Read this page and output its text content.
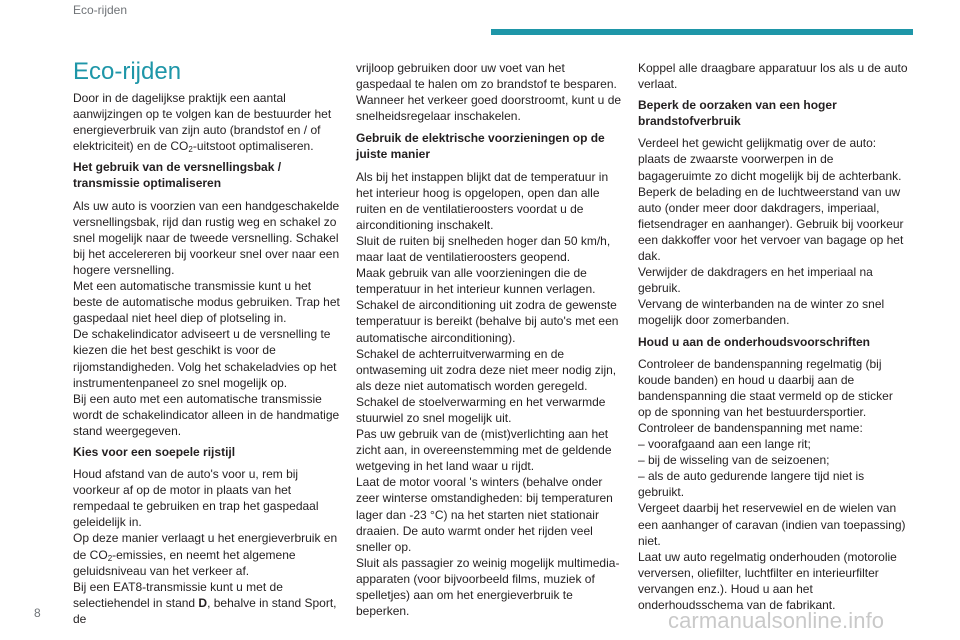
Eco-rijden
Eco-rijden

Door in de dagelijkse praktijk een aantal aanwijzingen op te volgen kan de bestuurder het energieverbruik van zijn auto (brandstof en / of elektriciteit) en de $CO_2$-uitstoot optimaliseren.

Het gebruik van de versnellingsbak / transmissie optimaliseren

Als uw auto is voorzien van een handgeschakelde versnellingsbak, rijd dan rustig weg en schakel zo snel mogelijk naar de tweede versnelling. Schakel bij het accelereren bij voorkeur snel over naar een hogere versnelling.
Met een automatische transmissie kunt u het beste de automatische modus gebruiken. Trap het gaspedaal niet heel diep of plotseling in.
De schakelindicator adviseert u de versnelling te kiezen die het best geschikt is voor de rijomstandigheden. Volg het schakeladvies op het instrumentenpaneel zo snel mogelijk op.
Bij een auto met een automatische transmissie wordt de schakelindicator alleen in de handmatige stand weergegeven.

Kies voor een soepele rijstijl

Houd afstand van de auto's voor u, rem bij voorkeur af op de motor in plaats van het rempedaal te gebruiken en trap het gaspedaal geleidelijk in.
Op deze manier verlaagt u het energieverbruik en de $CO_2$-emissies, en neemt het algemene geluidsniveau van het verkeer af.
Bij een EAT8-transmissie kunt u met de selectiehendel in stand D, behalve in stand Sport, de

vrijloop gebruiken door uw voet van het gaspedaal te halen om zo brandstof te besparen.
Wanneer het verkeer goed doorstroomt, kunt u de snelheidsregelaar inschakelen.

Gebruik de elektrische voorzieningen op de juiste manier

Als bij het instappen blijkt dat de temperatuur in het interieur hoog is opgelopen, open dan alle ruiten en de ventilatieroosters voordat u de airconditioning inschakelt.
Sluit de ruiten bij snelheden hoger dan 50 km/h, maar laat de ventilatieroosters geopend.
Maak gebruik van alle voorzieningen die de temperatuur in het interieur kunnen verlagen.
Schakel de airconditioning uit zodra de gewenste temperatuur is bereikt (behalve bij auto's met een automatische airconditioning).
Schakel de achterruitverwarming en de ontwaseming uit zodra deze niet meer nodig zijn, als deze niet automatisch worden geregeld.
Schakel de stoelverwarming en het verwarmde stuurwiel zo snel mogelijk uit.
Pas uw gebruik van de (mist)verlichting aan het zicht aan, in overeenstemming met de geldende wetgeving in het land waar u rijdt.
Laat de motor vooral 's winters (behalve onder zeer winterse omstandigheden: bij temperaturen lager dan -23 °C) na het starten niet stationair draaien. De auto warmt onder het rijden veel sneller op.
Sluit als passagier zo weinig mogelijk multimedia-apparaten (voor bijvoorbeeld films, muziek of spelletjes) aan om het energieverbruik te beperken.

Koppel alle draagbare apparatuur los als u de auto verlaat.

Beperk de oorzaken van een hoger brandstofverbruik

Verdeel het gewicht gelijkmatig over de auto: plaats de zwaarste voorwerpen in de bagageruimte zo dicht mogelijk bij de achterbank.
Beperk de belading en de luchtweerstand van uw auto (onder meer door dakdragers, imperiaal, fietsendrager en aanhanger). Gebruik bij voorkeur een dakkoffer voor het vervoer van bagage op het dak.
Verwijder de dakdragers en het imperiaal na gebruik.
Vervang de winterbanden na de winter zo snel mogelijk door zomerbanden.

Houd u aan de onderhoudsvoorschriften

Controleer de bandenspanning regelmatig (bij koude banden) en houd u daarbij aan de bandenspanning die staat vermeld op de sticker op de sponning van het bestuurdersportier.
Controleer de bandenspanning met name:
– voorafgaand aan een lange rit;
– bij de wisseling van de seizoenen;
– als de auto gedurende langere tijd niet is gebruikt.
Vergeet daarbij het reservewiel en de wielen van een aanhanger of caravan (indien van toepassing) niet.
Laat uw auto regelmatig onderhouden (motorolie verversen, oliefilter, luchtfilter en interieurfilter vervangen enz.). Houd u aan het onderhoudsschema van de fabrikant.

8	carmanualsonline.info
